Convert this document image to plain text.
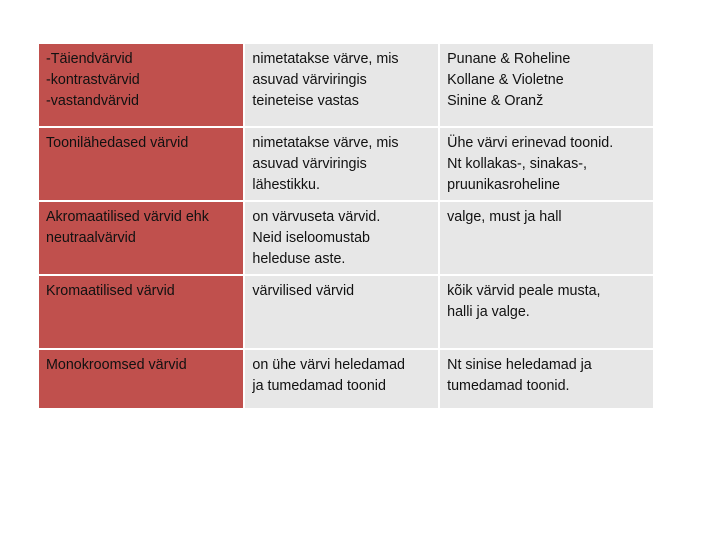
-Täiendvärvid
-kontrastvärvid
-vastandvärvid	nimetatakse värve, mis
asuvad värviringis
teineteise vastas	Punane & Roheline
Kollane & Violetne
Sinine & Oranž
Toonilähedased värvid	nimetatakse värve, mis
asuvad värviringis
lähestikku.	Ühe värvi erinevad toonid.
Nt kollakas-, sinakas-,
pruunikasroheline
Akromaatilised värvid ehk
neutraalvärvid	on värvuseta värvid.
Neid iseloomustab
heleduse aste.	valge, must ja hall
Kromaatilised värvid	värvilised värvid	kõik värvid peale musta,
halli ja valge.
Monokroomsed värvid	on ühe värvi heledamad
ja tumedamad toonid	Nt sinise heledamad ja
tumedamad toonid.
